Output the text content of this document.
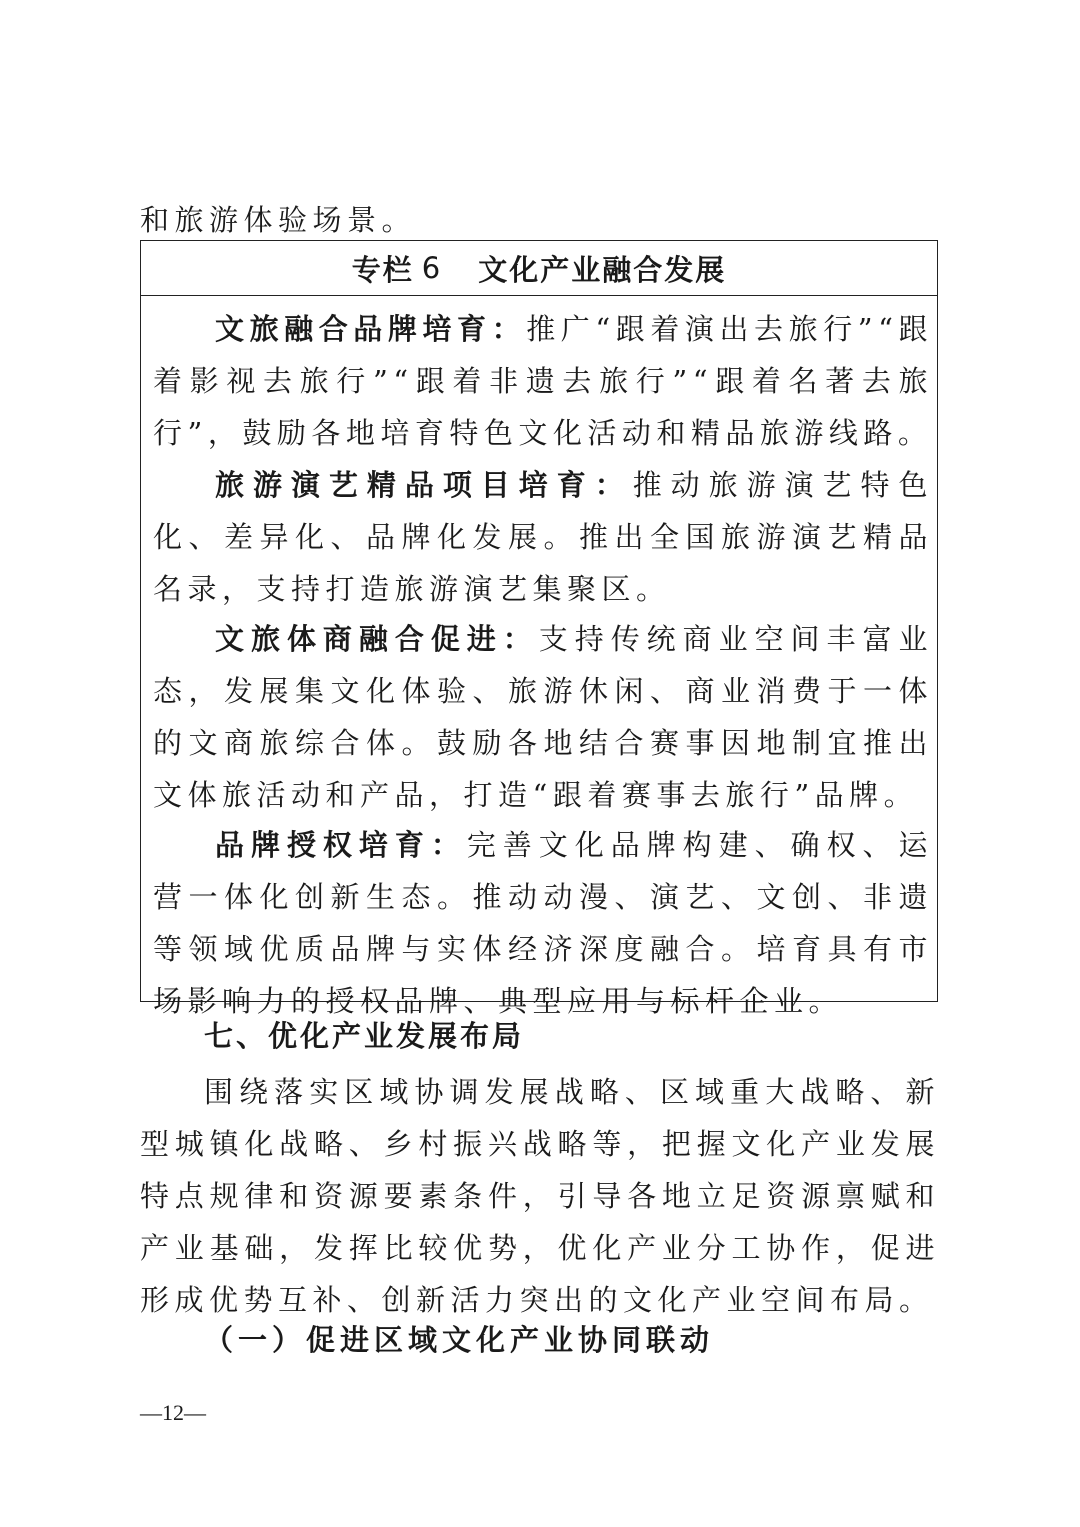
和旅游体验场景。
专栏 6 文化产业融合发展
文旅融合品牌培育：推广“跟着演出去旅行”“跟着影视去旅行”“跟着非遗去旅行”“跟着名著去旅行”，鼓励各地培育特色文化活动和精品旅游线路。
旅游演艺精品项目培育：推动旅游演艺特色化、差异化、品牌化发展。推出全国旅游演艺精品名录，支持打造旅游演艺集聚区。
文旅体商融合促进：支持传统商业空间丰富业态，发展集文化体验、旅游休闲、商业消费于一体的文商旅综合体。鼓励各地结合赛事因地制宜推出文体旅活动和产品，打造“跟着赛事去旅行”品牌。
品牌授权培育：完善文化品牌构建、确权、运营一体化创新生态。推动动漫、演艺、文创、非遗等领域优质品牌与实体经济深度融合。培育具有市场影响力的授权品牌、典型应用与标杆企业。
七、优化产业发展布局
围绕落实区域协调发展战略、区域重大战略、新型城镇化战略、乡村振兴战略等，把握文化产业发展特点规律和资源要素条件，引导各地立足资源禀赋和产业基础，发挥比较优势，优化产业分工协作，促进形成优势互补、创新活力突出的文化产业空间布局。
（一）促进区域文化产业协同联动
—12—
